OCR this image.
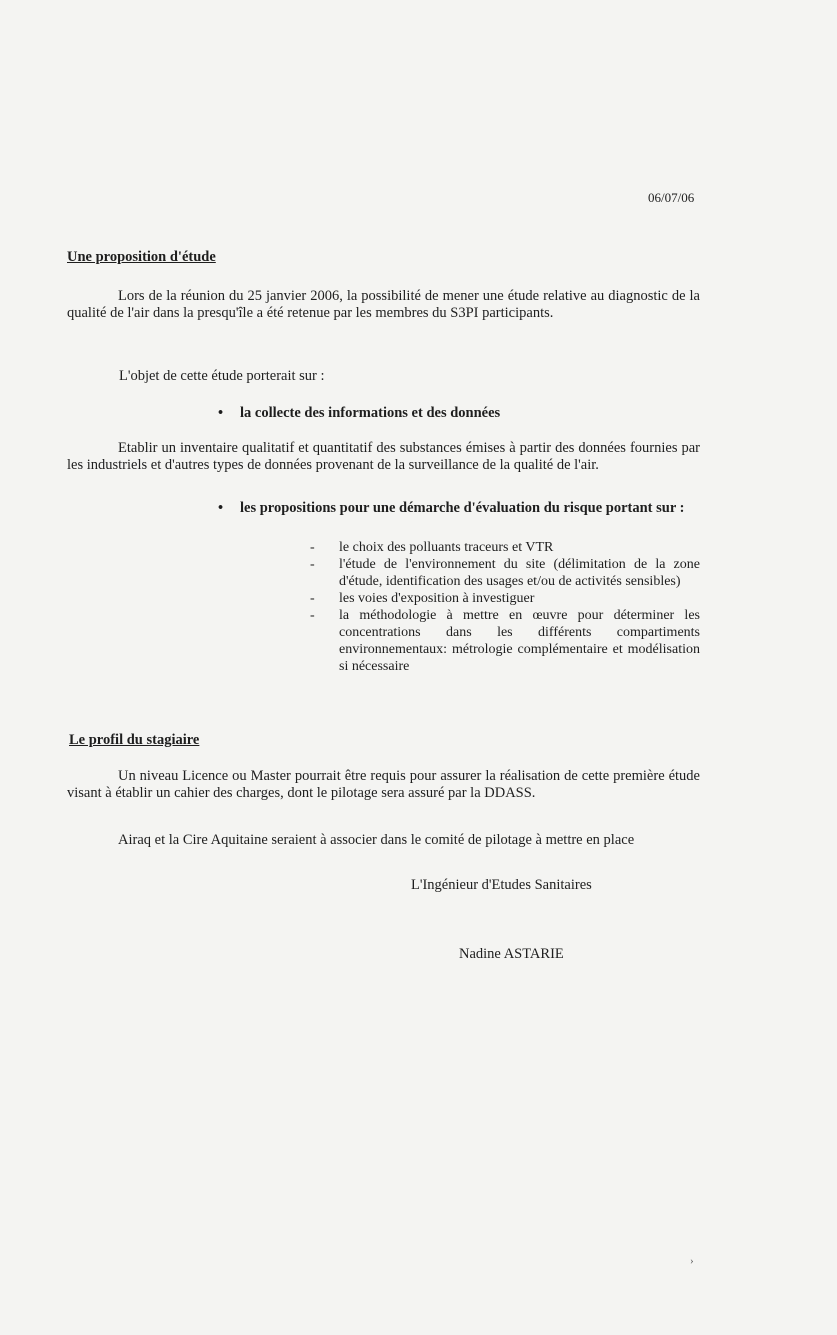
06/07/06
Une proposition d'étude

Lors de la réunion du 25 janvier 2006, la possibilité de mener une étude relative au diagnostic de la qualité de l'air dans la presqu'île a été retenue par les membres du S3PI participants.

L'objet de cette étude porterait sur :
• la collecte des informations et des données

Etablir un inventaire qualitatif et quantitatif des substances émises à partir des données fournies par les industriels et d'autres types de données provenant de la surveillance de la qualité de l'air.

•	les propositions pour une démarche d'évaluation du risque portant sur :
-	le choix des polluants traceurs et VTR
-	l'étude de l'environnement du site (délimitation de la zone d'étude, identification des usages et/ou de activités sensibles)
-	les voies d'exposition à investiguer
-	la méthodologie à mettre en œuvre pour déterminer les concentrations dans les différents compartiments environnementaux: métrologie complémentaire et modélisation si nécessaire
Le profil du stagiaire

Un niveau Licence ou Master pourrait être requis pour assurer la réalisation de cette première étude visant à établir un cahier des charges, dont le pilotage sera assuré par la DDASS.

Airaq et la Cire Aquitaine seraient à associer dans le comité de pilotage à mettre en place

L'Ingénieur d'Etudes Sanitaires
Nadine ASTARIE
›
